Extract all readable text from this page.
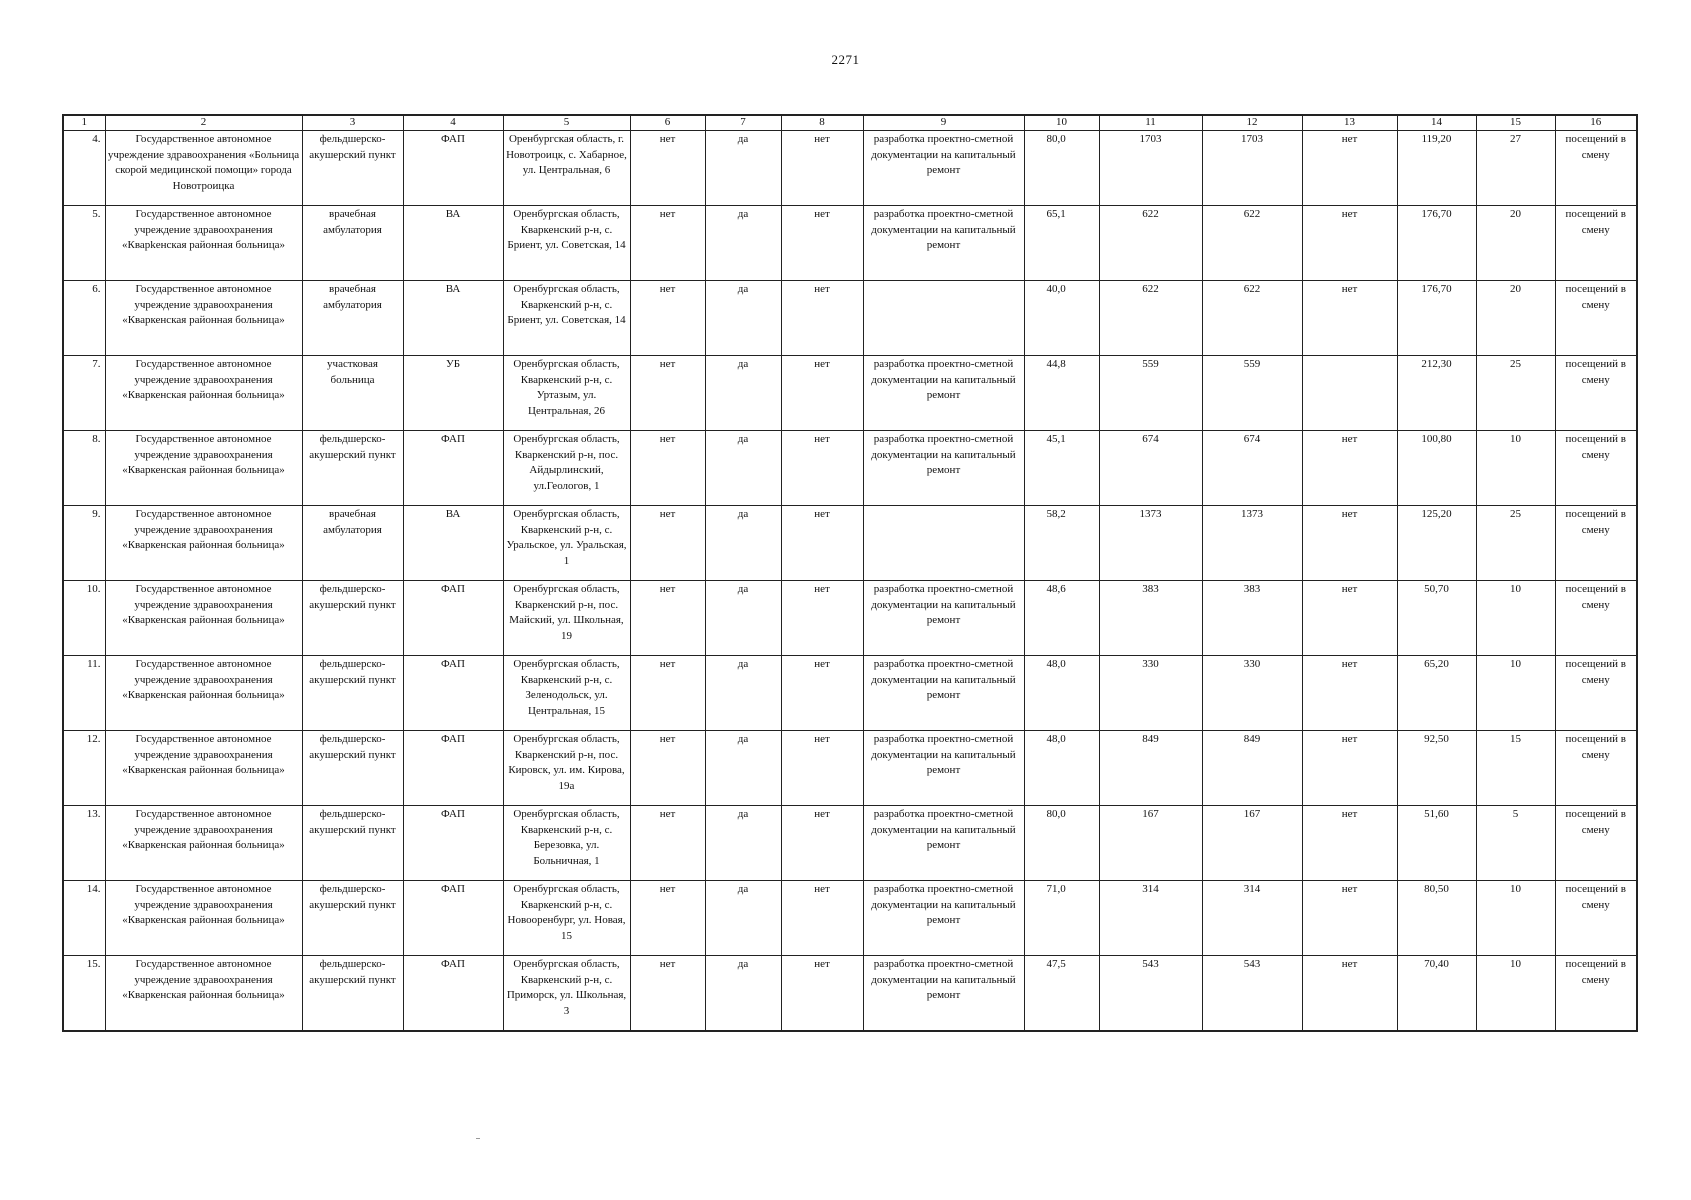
2271
1	2	3	4	5	6	7	8	9	10	11	12	13	14	15	16
4.	Государственное автономное учреждение здравоохранения «Больница скорой медицинской помощи» города Новотроицка	фельдшерско-акушерский пункт	ФАП	Оренбургская область, г. Новотроицк, с. Хабарное, ул. Центральная, 6	нет	да	нет	разработка проектно-сметной документации на капитальный ремонт	80,0	1703	1703	нет	119,20	27	посещений в смену
5.	Государственное автономное учреждение здравоохранения «Кварkенская районная больница»	врачебная амбулатория	ВА	Оренбургская область, Кваркенский р-н, с. Бриент, ул. Советская, 14	нет	да	нет	разработка проектно-сметной документации на капитальный ремонт	65,1	622	622	нет	176,70	20	посещений в смену
6.	Государственное автономное учреждение здравоохранения «Кваркенская районная больница»	врачебная амбулатория	ВА	Оренбургская область, Кваркенский р-н, с. Бриент, ул. Советская, 14	нет	да	нет		40,0	622	622	нет	176,70	20	посещений в смену
7.	Государственное автономное учреждение здравоохранения «Кваркенская районная больница»	участковая больница	УБ	Оренбургская область, Кваркенский р-н, с. Уртазым, ул. Центральная, 26	нет	да	нет	разработка проектно-сметной документации на капитальный ремонт	44,8	559	559		212,30	25	посещений в смену
8.	Государственное автономное учреждение здравоохранения «Кваркенская районная больница»	фельдшерско-акушерский пункт	ФАП	Оренбургская область, Кваркенский р-н, пос. Айдырлинский, ул.Геологов, 1	нет	да	нет	разработка проектно-сметной документации на капитальный ремонт	45,1	674	674	нет	100,80	10	посещений в смену
9.	Государственное автономное учреждение здравоохранения «Кваркенская районная больница»	врачебная амбулатория	ВА	Оренбургская область, Кваркенский р-н, с. Уральское, ул. Уральская, 1	нет	да	нет		58,2	1373	1373	нет	125,20	25	посещений в смену
10.	Государственное автономное учреждение здравоохранения «Кваркенская районная больница»	фельдшерско-акушерский пункт	ФАП	Оренбургская область, Кваркенский р-н, пос. Майский, ул. Школьная, 19	нет	да	нет	разработка проектно-сметной документации на капитальный ремонт	48,6	383	383	нет	50,70	10	посещений в смену
11.	Государственное автономное учреждение здравоохранения «Кваркенская районная больница»	фельдшерско-акушерский пункт	ФАП	Оренбургская область, Кваркенский р-н, с. Зеленодольск, ул. Центральная, 15	нет	да	нет	разработка проектно-сметной документации на капитальный ремонт	48,0	330	330	нет	65,20	10	посещений в смену
12.	Государственное автономное учреждение здравоохранения «Кваркенская районная больница»	фельдшерско-акушерский пункт	ФАП	Оренбургская область, Кваркенский р-н, пос. Кировск, ул. им. Кирова, 19а	нет	да	нет	разработка проектно-сметной документации на капитальный ремонт	48,0	849	849	нет	92,50	15	посещений в смену
13.	Государственное автономное учреждение здравоохранения «Кваркенская районная больница»	фельдшерско-акушерский пункт	ФАП	Оренбургская область, Кваркенский р-н, с. Березовка, ул. Больничная, 1	нет	да	нет	разработка проектно-сметной документации на капитальный ремонт	80,0	167	167	нет	51,60	5	посещений в смену
14.	Государственное автономное учреждение здравоохранения «Кваркенская районная больница»	фельдшерско-акушерский пункт	ФАП	Оренбургская область, Кваркенский р-н, с. Новооренбург, ул. Новая, 15	нет	да	нет	разработка проектно-сметной документации на капитальный ремонт	71,0	314	314	нет	80,50	10	посещений в смену
15.	Государственное автономное учреждение здравоохранения «Кваркенская районная больница»	фельдшерско-акушерский пункт	ФАП	Оренбургская область, Кваркенский р-н, с. Приморск, ул. Школьная, 3	нет	да	нет	разработка проектно-сметной документации на капитальный ремонт	47,5	543	543	нет	70,40	10	посещений в смену
